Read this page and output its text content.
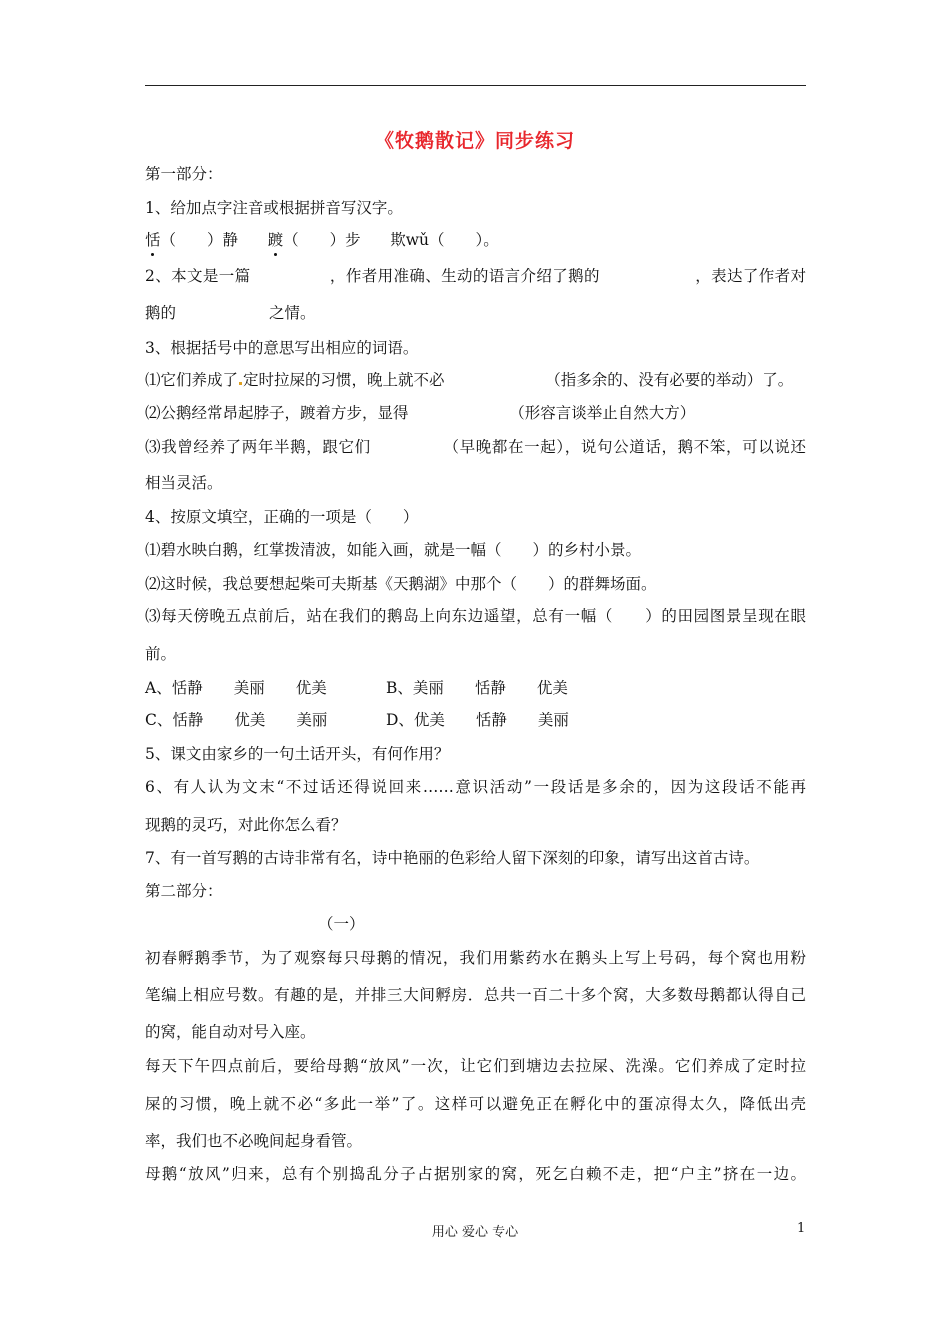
《牧鹅散记》同步练习
第一部分：
1、给加点字注音或根据拼音写汉字。
恬（　　）静 踱（　　）步 欺wǔ（　　）。
2、本文是一篇　　　　　，作者用准确、生动的语言介绍了鹅的　　　　　　，表达了作者对
鹅的　　　　　　之情。
3、根据括号中的意思写出相应的词语。
⑴它们养成了 定时拉屎的习惯，晚上就不必　　　　　　　（指多余的、没有必要的举动）了。
⑵公鹅经常昂起脖子，踱着方步，显得　　　　　　　（形容言谈举止自然大方）
⑶我曾经养了两年半鹅，跟它们　　　　　（早晚都在一起），说句公道话，鹅不笨，可以说还
相当灵活。
4、按原文填空，正确的一项是（　　）
⑴碧水映白鹅，红掌拨清波，如能入画，就是一幅（　　）的乡村小景。
⑵这时候，我总要想起柴可夫斯基《天鹅湖》中那个（　　）的群舞场面。
⑶每天傍晚五点前后，站在我们的鹅岛上向东边遥望，总有一幅（　　）的田园图景呈现在眼
前。
A、恬静　　美丽　　优美	B、美丽　　恬静　　优美
C、恬静　　优美　　美丽	D、优美　　恬静　　美丽
5、课文由家乡的一句土话开头，有何作用？
6、有人认为文末“不过话还得说回来……意识活动”一段话是多余的，因为这段话不能再
现鹅的灵巧，对此你怎么看？
7、有一首写鹅的古诗非常有名，诗中艳丽的色彩给人留下深刻的印象，请写出这首古诗。
第二部分：
（一）
初春孵鹅季节，为了观察每只母鹅的情况，我们用紫药水在鹅头上写上号码，每个窝也用粉
笔编上相应号数。有趣的是，并排三大间孵房．总共一百二十多个窝，大多数母鹅都认得自己
的窝，能自动对号入座。
每天下午四点前后，要给母鹅“放风”一次，让它们到塘边去拉屎、洗澡。它们养成了定时拉
屎的习惯，晚上就不必“多此一举”了。这样可以避免正在孵化中的蛋凉得太久，降低出壳
率，我们也不必晚间起身看管。
母鹅“放风”归来，总有个别捣乱分子占据别家的窝，死乞白赖不走，把“户主”挤在一边。
用心 爱心 专心	1
